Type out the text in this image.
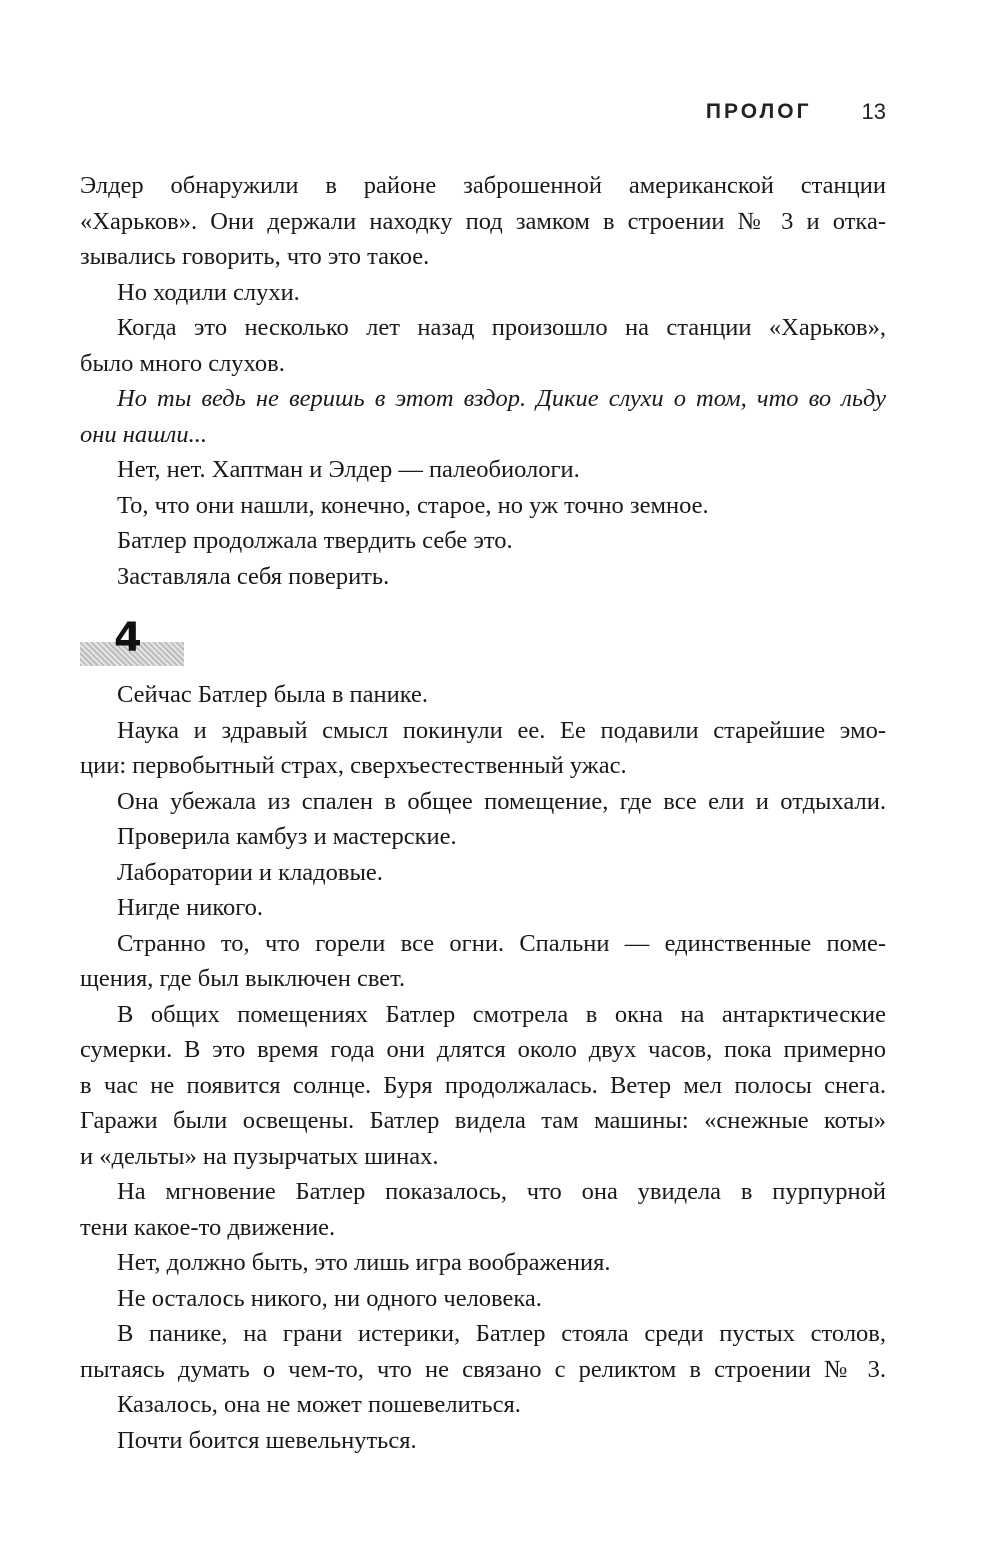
ПРОЛОГ 13
Элдер обнаружили в районе заброшенной американской станции
«Харьков». Они держали находку под замком в строении № 3 и отка-
зывались говорить, что это такое.
Но ходили слухи.
Когда это несколько лет назад произошло на станции «Харьков»,
было много слухов.
Но ты ведь не веришь в этот вздор. Дикие слухи о том, что во льду
они нашли...
Нет, нет. Хаптман и Элдер — палеобиологи.
То, что они нашли, конечно, старое, но уж точно земное.
Батлер продолжала твердить себе это.
Заставляла себя поверить.
4
Сейчас Батлер была в панике.
Наука и здравый смысл покинули ее. Ее подавили старейшие эмо-
ции: первобытный страх, сверхъестественный ужас.
Она убежала из спален в общее помещение, где все ели и отдыхали.
Проверила камбуз и мастерские.
Лаборатории и кладовые.
Нигде никого.
Странно то, что горели все огни. Спальни — единственные поме-
щения, где был выключен свет.
В общих помещениях Батлер смотрела в окна на антарктические
сумерки. В это время года они длятся около двух часов, пока примерно
в час не появится солнце. Буря продолжалась. Ветер мел полосы снега.
Гаражи были освещены. Батлер видела там машины: «снежные коты»
и «дельты» на пузырчатых шинах.
На мгновение Батлер показалось, что она увидела в пурпурной
тени какое-то движение.
Нет, должно быть, это лишь игра воображения.
Не осталось никого, ни одного человека.
В панике, на грани истерики, Батлер стояла среди пустых столов,
пытаясь думать о чем-то, что не связано с реликтом в строении № 3.
Казалось, она не может пошевелиться.
Почти боится шевельнуться.
